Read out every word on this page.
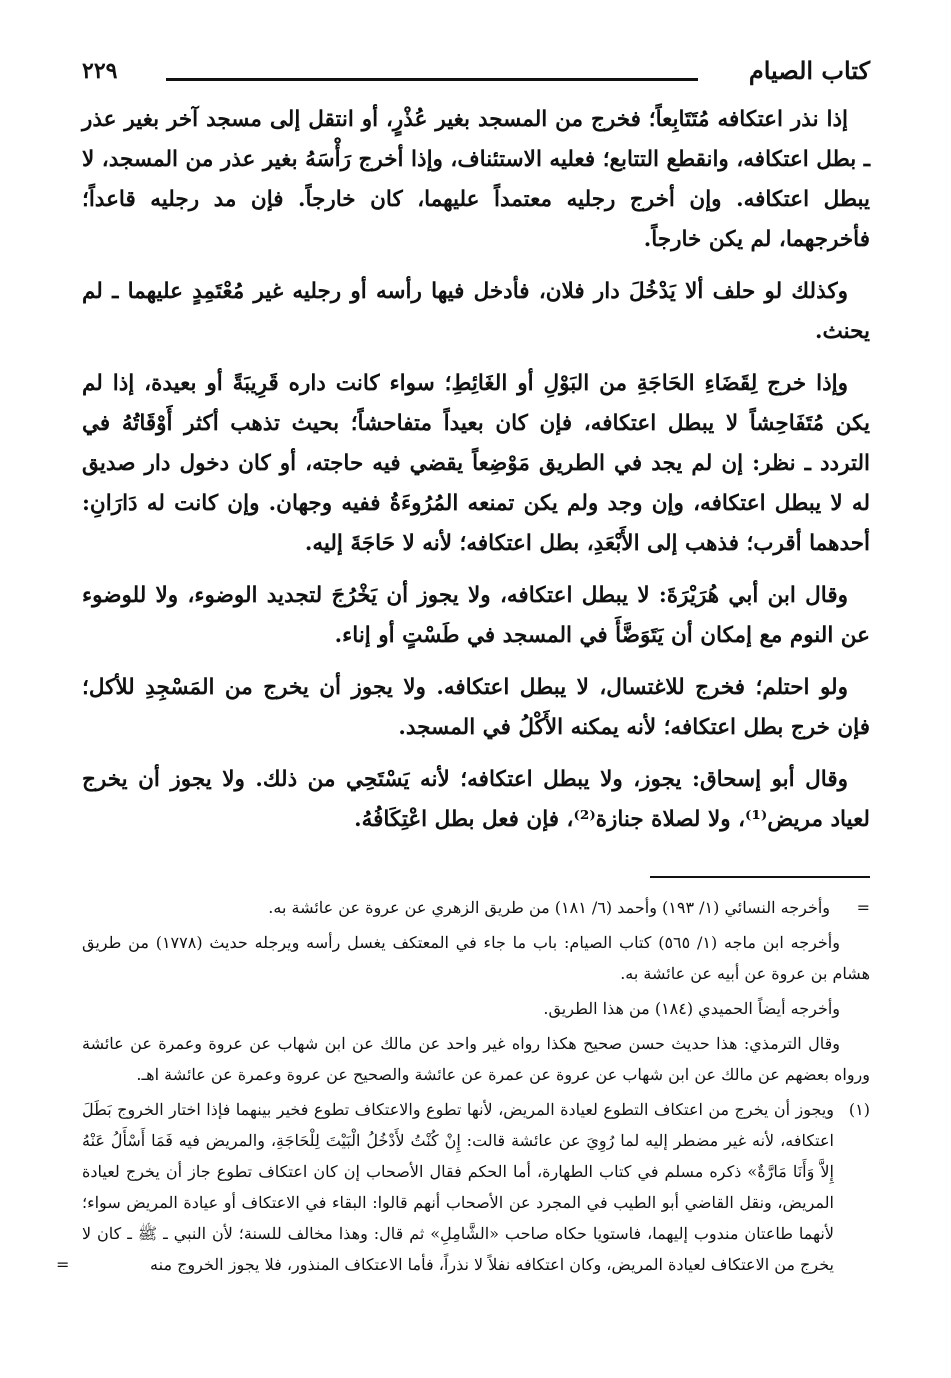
كتاب الصيام
٢٢٩

إذا نذر اعتكافه مُتَتَابِعاً؛ فخرج من المسجد بغير عُذْرٍ، أو انتقل إلى مسجد آخر بغير عذر ـ بطل اعتكافه، وانقطع التتابع؛ فعليه الاستئناف، وإذا أخرج رَأْسَهُ بغير عذر من المسجد، لا يبطل اعتكافه. وإن أخرج رجليه معتمداً عليهما، كان خارجاً. فإن مد رجليه قاعداً؛ فأخرجهما، لم يكن خارجاً.

وكذلك لو حلف ألا يَدْخُلَ دار فلان، فأدخل فيها رأسه أو رجليه غير مُعْتَمِدٍ عليهما ـ لم يحنث.

وإذا خرج لِقَضَاءِ الحَاجَةِ من البَوْلِ أو الغَائِطِ؛ سواء كانت داره قَرِيبَةً أو بعيدة، إذا لم يكن مُتَفَاحِشاً لا يبطل اعتكافه، فإن كان بعيداً متفاحشاً؛ بحيث تذهب أكثر أَوْقَاتُهُ في التردد ـ نظر: إن لم يجد في الطريق مَوْضِعاً يقضي فيه حاجته، أو كان دخول دار صديق له لا يبطل اعتكافه، وإن وجد ولم يكن تمنعه المُرُوءَةُ ففيه وجهان. وإن كانت له دَارَانِ: أحدهما أقرب؛ فذهب إلى الأَبْعَدِ، بطل اعتكافه؛ لأنه لا حَاجَةَ إليه.

وقال ابن أبي هُرَيْرَةَ: لا يبطل اعتكافه، ولا يجوز أن يَخْرُجَ لتجديد الوضوء، ولا للوضوء عن النوم مع إمكان أن يَتَوَضَّأَ في المسجد في طَسْتٍ أو إناء.

ولو احتلم؛ فخرج للاغتسال، لا يبطل اعتكافه. ولا يجوز أن يخرج من المَسْجِدِ للأكل؛ فإن خرج بطل اعتكافه؛ لأنه يمكنه الأَكْلُ في المسجد.

وقال أبو إسحاق: يجوز، ولا يبطل اعتكافه؛ لأنه يَسْتَحِي من ذلك. ولا يجوز أن يخرج لعياد مريض⁽¹⁾، ولا لصلاة جنازة⁽²⁾، فإن فعل بطل اعْتِكَافُهُ.

=
وأخرجه النسائي (١/ ١٩٣) وأحمد (٦/ ١٨١) من طريق الزهري عن عروة عن عائشة به.

وأخرجه ابن ماجه (١/ ٥٦٥) كتاب الصيام: باب ما جاء في المعتكف يغسل رأسه ويرجله حديث (١٧٧٨) من طريق هشام بن عروة عن أبيه عن عائشة به.

وأخرجه أيضاً الحميدي (١٨٤) من هذا الطريق.

وقال الترمذي: هذا حديث حسن صحيح هكذا رواه غير واحد عن مالك عن ابن شهاب عن عروة وعمرة عن عائشة ورواه بعضهم عن مالك عن ابن شهاب عن عروة عن عمرة عن عائشة والصحيح عن عروة وعمرة عن عائشة اهـ.

(١)
ويجوز أن يخرج من اعتكاف التطوع لعيادة المريض، لأنها تطوع والاعتكاف تطوع فخير بينهما فإذا اختار الخروج بَطَلَ اعتكافه، لأنه غير مضطر إليه لما رُوِيَ عن عائشة قالت: إِنْ كُنْتُ لأَدْخُلُ الْبَيْتَ لِلْحَاجَةِ، والمريض فيه فَمَا أَسْأَلُ عَنْهُ إِلاَّ وَأَنَا مَارَّةٌ» ذكره مسلم في كتاب الطهارة، أما الحكم فقال الأصحاب إن كان اعتكاف تطوع جاز أن يخرج لعيادة المريض، ونقل القاضي أبو الطيب في المجرد عن الأصحاب أنهم قالوا: البقاء في الاعتكاف أو عيادة المريض سواء؛ لأنهما طاعتان مندوب إليهما، فاستويا حكاه صاحب «الشَّامِلِ» ثم قال: وهذا مخالف للسنة؛ لأن النبي ـ ﷺ ـ كان لا يخرج من الاعتكاف لعيادة المريض، وكان اعتكافه نفلاً لا نذراً، فأما الاعتكاف المنذور، فلا يجوز الخروج منه
=
